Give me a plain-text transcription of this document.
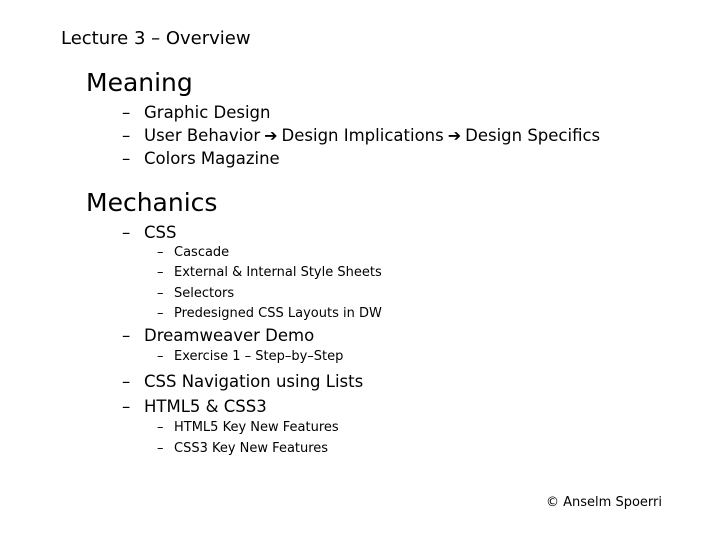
Lecture 3 – Overview
Meaning
– Graphic Design
– User Behavior ➔ Design Implications ➔ Design Specifics
– Colors Magazine
Mechanics
– CSS
– Cascade
– External & Internal Style Sheets
– Selectors
– Predesigned CSS Layouts in DW
– Dreamweaver Demo
– Exercise 1 – Step–by–Step
– CSS Navigation using Lists
– HTML5 & CSS3
– HTML5 Key New Features
– CSS3 Key New Features
© Anselm Spoerri
